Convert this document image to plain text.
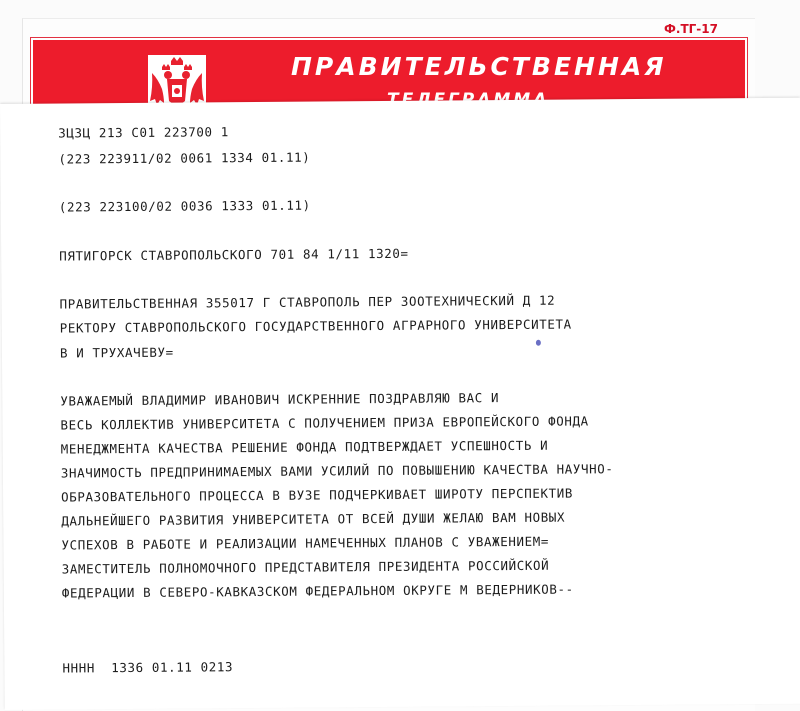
Ф.ТГ-17
ПРАВИТЕЛЬСТВЕННАЯ
ЗЦЗЦ 213 С01 223700 1
(223 223911/02 0061 1334 01.11)
(223 223100/02 0036 1333 01.11)
ПЯТИГОРСК СТАВРОПОЛЬСКОГО 701 84 1/11 1320=
ПРАВИТЕЛЬСТВЕННАЯ 355017 Г СТАВРОПОЛЬ ПЕР ЗООТЕХНИЧЕСКИЙ Д 12
РЕКТОРУ СТАВРОПОЛЬСКОГО ГОСУДАРСТВЕННОГО АГРАРНОГО УНИВЕРСИТЕТА
В И ТРУХАЧЕВУ=
УВАЖАЕМЫЙ ВЛАДИМИР ИВАНОВИЧ ИСКРЕННИЕ ПОЗДРАВЛЯЮ ВАС И
ВЕСЬ КОЛЛЕКТИВ УНИВЕРСИТЕТА С ПОЛУЧЕНИЕМ ПРИЗА ЕВРОПЕЙСКОГО ФОНДА
МЕНЕДЖМЕНТА КАЧЕСТВА РЕШЕНИЕ ФОНДА ПОДТВЕРЖДАЕТ УСПЕШНОСТЬ И
ЗНАЧИМОСТЬ ПРЕДПРИНИМАЕМЫХ ВАМИ УСИЛИЙ ПО ПОВЫШЕНИЮ КАЧЕСТВА НАУЧНО-
ОБРАЗОВАТЕЛЬНОГО ПРОЦЕССА В ВУЗЕ ПОДЧЕРКИВАЕТ ШИРОТУ ПЕРСПЕКТИВ
ДАЛЬНЕЙШЕГО РАЗВИТИЯ УНИВЕРСИТЕТА ОТ ВСЕЙ ДУШИ ЖЕЛАЮ ВАМ НОВЫХ
УСПЕХОВ В РАБОТЕ И РЕАЛИЗАЦИИ НАМЕЧЕННЫХ ПЛАНОВ С УВАЖЕНИЕМ=
ЗАМЕСТИТЕЛЬ ПОЛНОМОЧНОГО ПРЕДСТАВИТЕЛЯ ПРЕЗИДЕНТА РОССИЙСКОЙ
ФЕДЕРАЦИИ В СЕВЕРО-КАВКАЗСКОМ ФЕДЕРАЛЬНОМ ОКРУГЕ М ВЕДЕРНИКОВ--
НННН  1336 01.11 0213
